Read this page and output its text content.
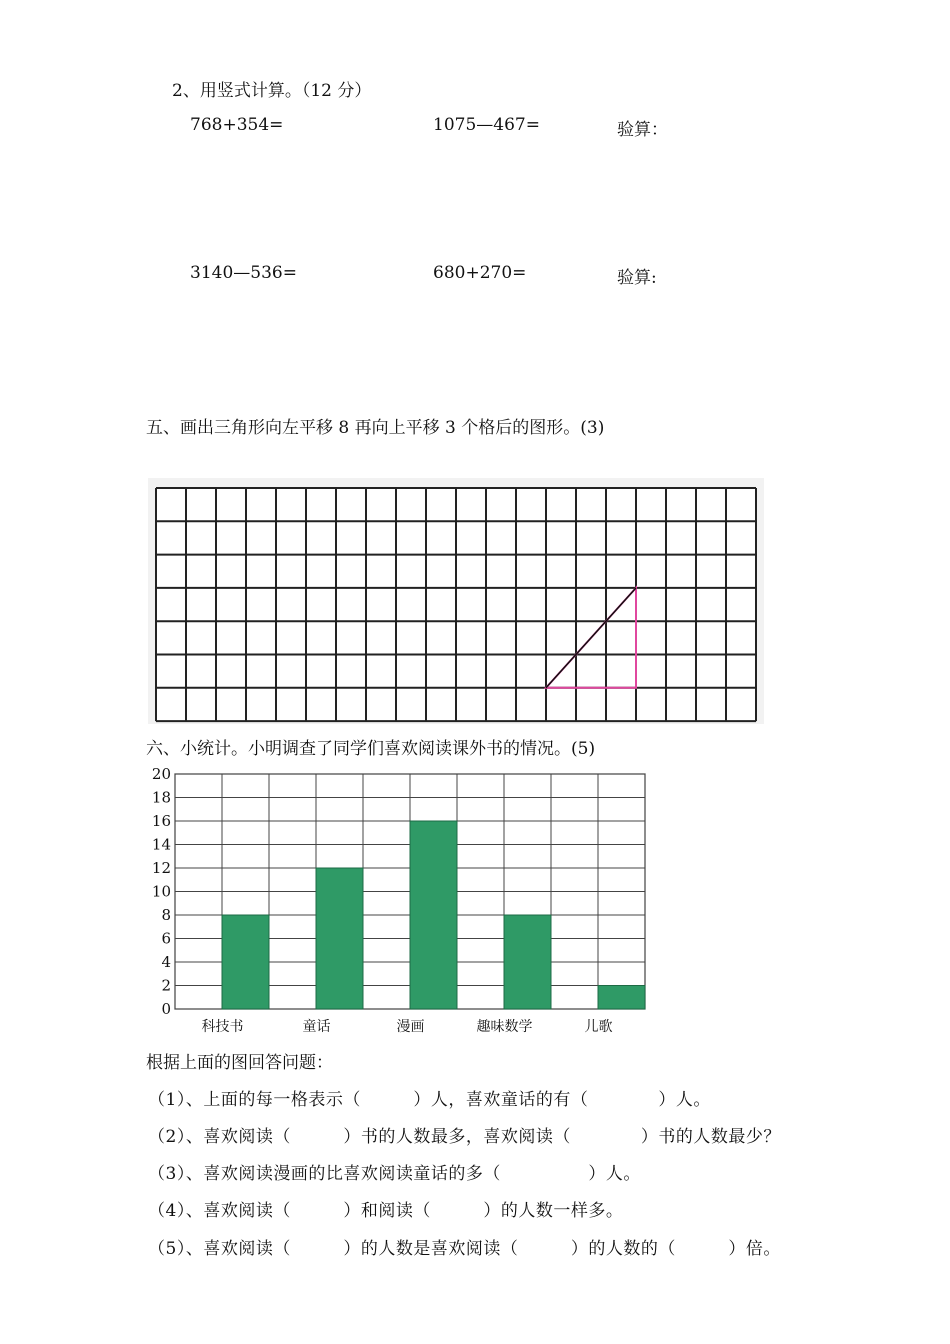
2、用竖式计算。（12 分）
768+354=	1075—467=	验算：
3140—536=	680+270=	验算:
五、画出三角形向左平移 8 再向上平移 3 个格后的图形。(3)
六、小统计。小明调查了同学们喜欢阅读课外书的情况。(5)
0
2
4
6
8
10
12
14
16
18
20
科技书	童话	漫画	趣味数学	儿歌
根据上面的图回答问题：
（1）、上面的每一格表示（　　　）人，喜欢童话的有（　　　　）人。
（2）、喜欢阅读（　　　）书的人数最多，喜欢阅读（　　　　）书的人数最少？
（3）、喜欢阅读漫画的比喜欢阅读童话的多（　　　　　）人。
（4）、喜欢阅读（　　　）和阅读（　　　）的人数一样多。
（5）、喜欢阅读（　　　）的人数是喜欢阅读（　　　）的人数的（　　　）倍。
